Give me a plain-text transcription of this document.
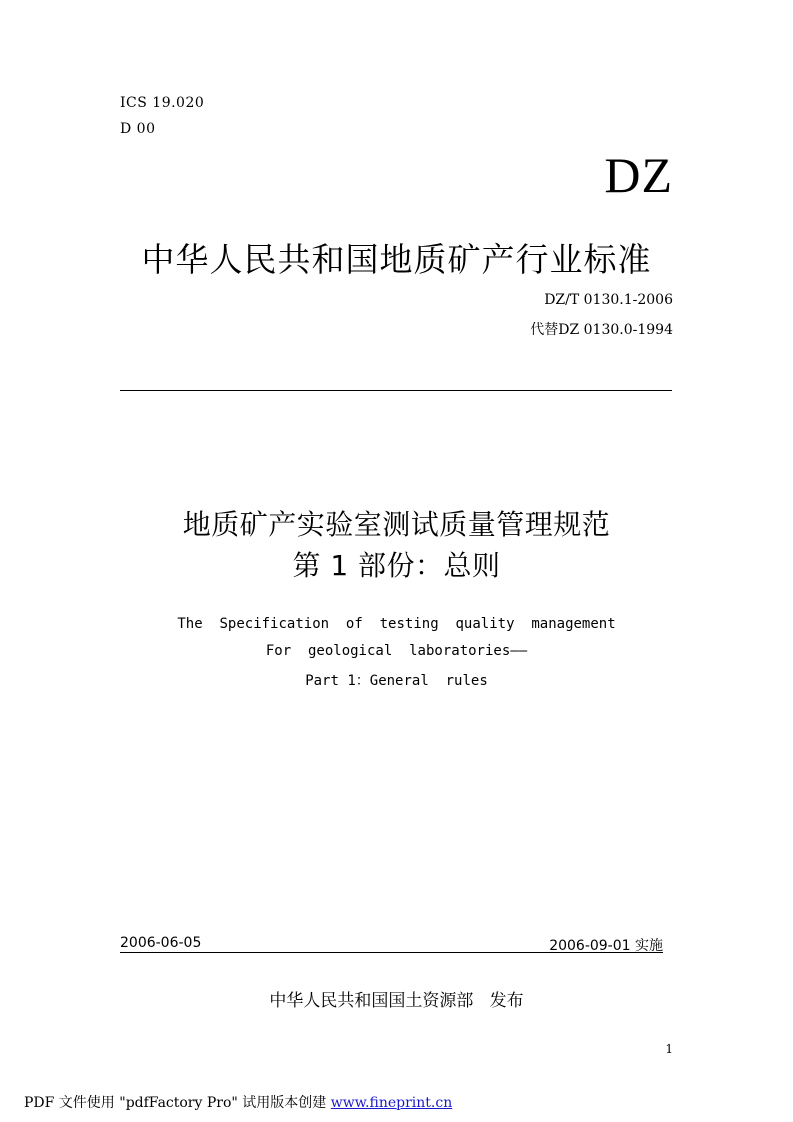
ICS 19.020
D 00
DZ
中华人民共和国地质矿产行业标准
DZ/T 0130.1-2006
代替DZ 0130.0-1994
地质矿产实验室测试质量管理规范
第 1 部份：总则
The  Specification  of  testing  quality  management
For  geological  laboratories——
Part 1：General  rules
2006-06-05	2006-09-01 实施
中华人民共和国国土资源部   发布
1
PDF 文件使用 "pdfFactory Pro" 试用版本创建 www.fineprint.cn
